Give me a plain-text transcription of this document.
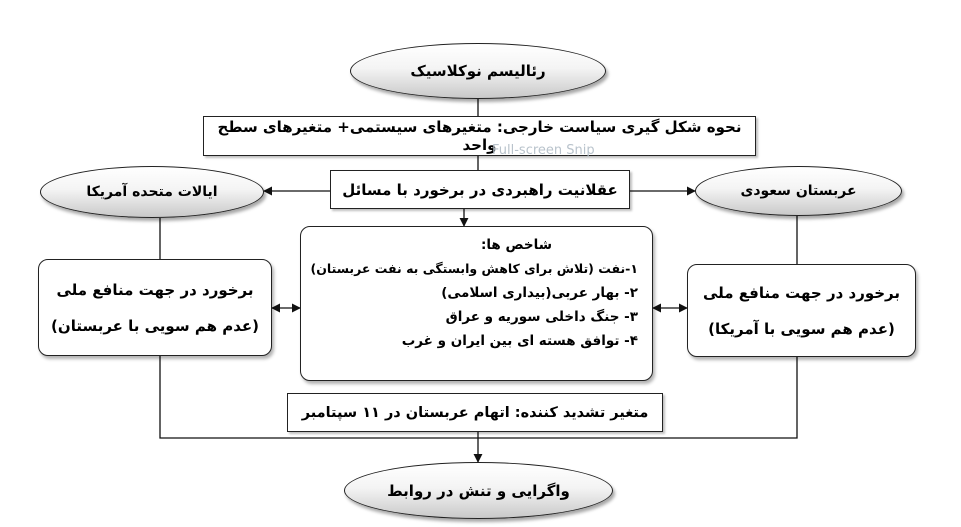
رئالیسم نوکلاسیک
نحوه شکل گیری سیاست خارجی: متغیرهای سیستمی+ متغیرهای سطح واحد
Full-screen Snip
عقلانیت راهبردی در برخورد با مسائل
ایالات متحده آمریکا	عربستان سعودی
برخورد در جهت منافع ملی
(عدم هم سویی با عربستان)
برخورد در جهت منافع ملی
(عدم هم سویی با آمریکا)
شاخص ها:
۱-نفت (تلاش برای کاهش وابستگی به نفت عربستان)
۲- بهار عربی(بیداری اسلامی)
۳- جنگ داخلی سوریه و عراق
۴- توافق هسته ای بین ایران و غرب
متغیر تشدید کننده: اتهام عربستان در ۱۱ سپتامبر
واگرایی و تنش در روابط
